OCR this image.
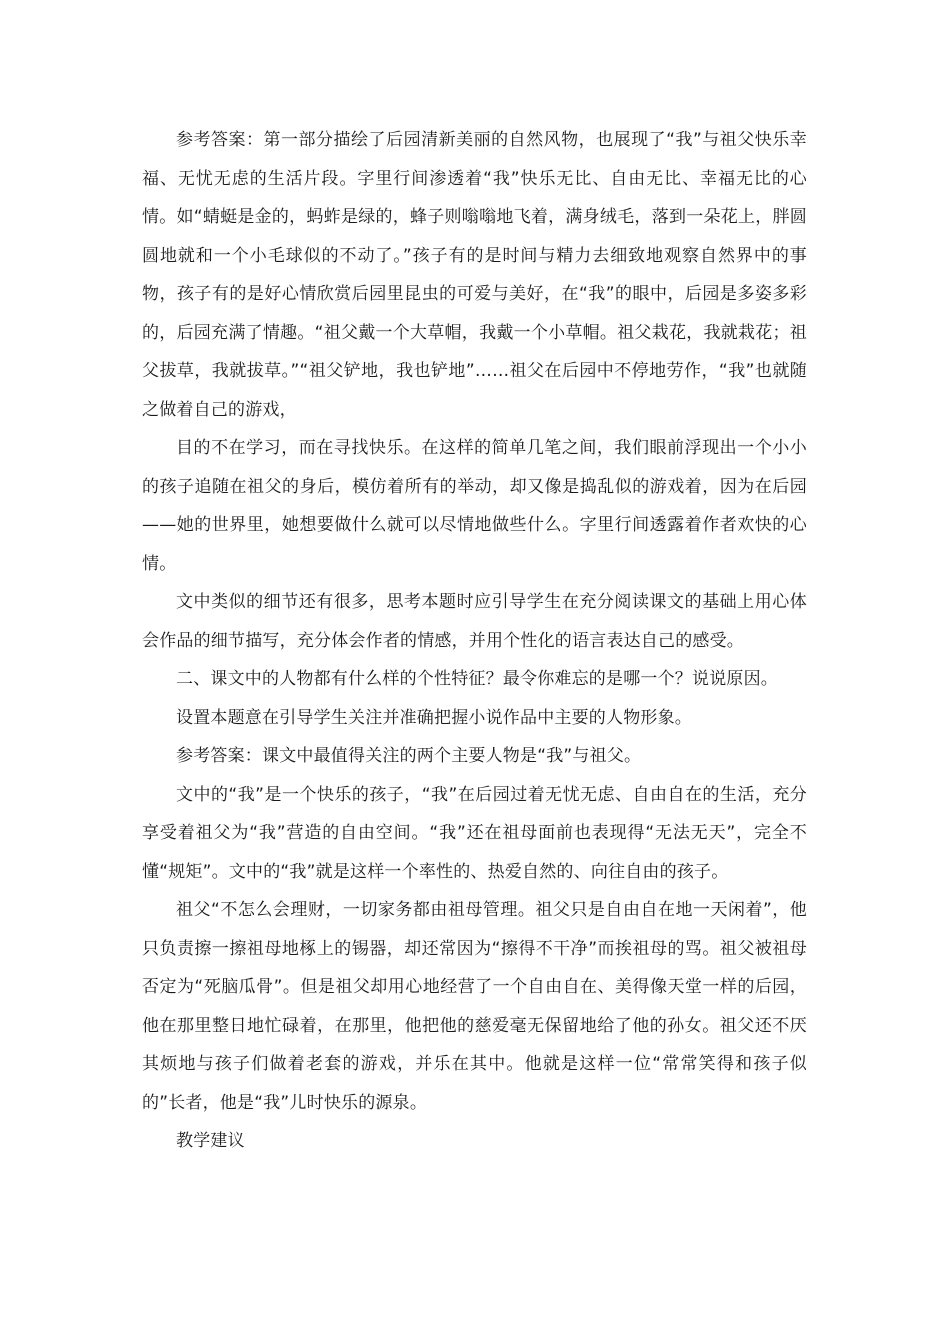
参考答案：第一部分描绘了后园清新美丽的自然风物，也展现了“我”与祖父快乐幸福、无忧无虑的生活片段。字里行间渗透着“我”快乐无比、自由无比、幸福无比的心情。如“蜻蜓是金的，蚂蚱是绿的，蜂子则嗡嗡地飞着，满身绒毛，落到一朵花上，胖圆圆地就和一个小毛球似的不动了。”孩子有的是时间与精力去细致地观察自然界中的事物，孩子有的是好心情欣赏后园里昆虫的可爱与美好，在“我”的眼中，后园是多姿多彩的，后园充满了情趣。“祖父戴一个大草帽，我戴一个小草帽。祖父栽花，我就栽花；祖父拔草，我就拔草。”“祖父铲地，我也铲地”……祖父在后园中不停地劳作，“我”也就随之做着自己的游戏，

目的不在学习，而在寻找快乐。在这样的简单几笔之间，我们眼前浮现出一个小小的孩子追随在祖父的身后，模仿着所有的举动，却又像是捣乱似的游戏着，因为在后园——她的世界里，她想要做什么就可以尽情地做些什么。字里行间透露着作者欢快的心情。

文中类似的细节还有很多，思考本题时应引导学生在充分阅读课文的基础上用心体会作品的细节描写，充分体会作者的情感，并用个性化的语言表达自己的感受。

二、课文中的人物都有什么样的个性特征？最令你难忘的是哪一个？说说原因。

设置本题意在引导学生关注并准确把握小说作品中主要的人物形象。

参考答案：课文中最值得关注的两个主要人物是“我”与祖父。

文中的“我”是一个快乐的孩子，“我”在后园过着无忧无虑、自由自在的生活，充分享受着祖父为“我”营造的自由空间。“我”还在祖母面前也表现得“无法无天”，完全不懂“规矩”。文中的“我”就是这样一个率性的、热爱自然的、向往自由的孩子。

祖父“不怎么会理财，一切家务都由祖母管理。祖父只是自由自在地一天闲着”，他只负责擦一擦祖母地椓上的锡器，却还常因为“擦得不干净”而挨祖母的骂。祖父被祖母否定为“死脑瓜骨”。但是祖父却用心地经营了一个自由自在、美得像天堂一样的后园，他在那里整日地忙碌着，在那里，他把他的慈爱毫无保留地给了他的孙女。祖父还不厌其烦地与孩子们做着老套的游戏，并乐在其中。他就是这样一位“常常笑得和孩子似的”长者，他是“我”儿时快乐的源泉。

教学建议
